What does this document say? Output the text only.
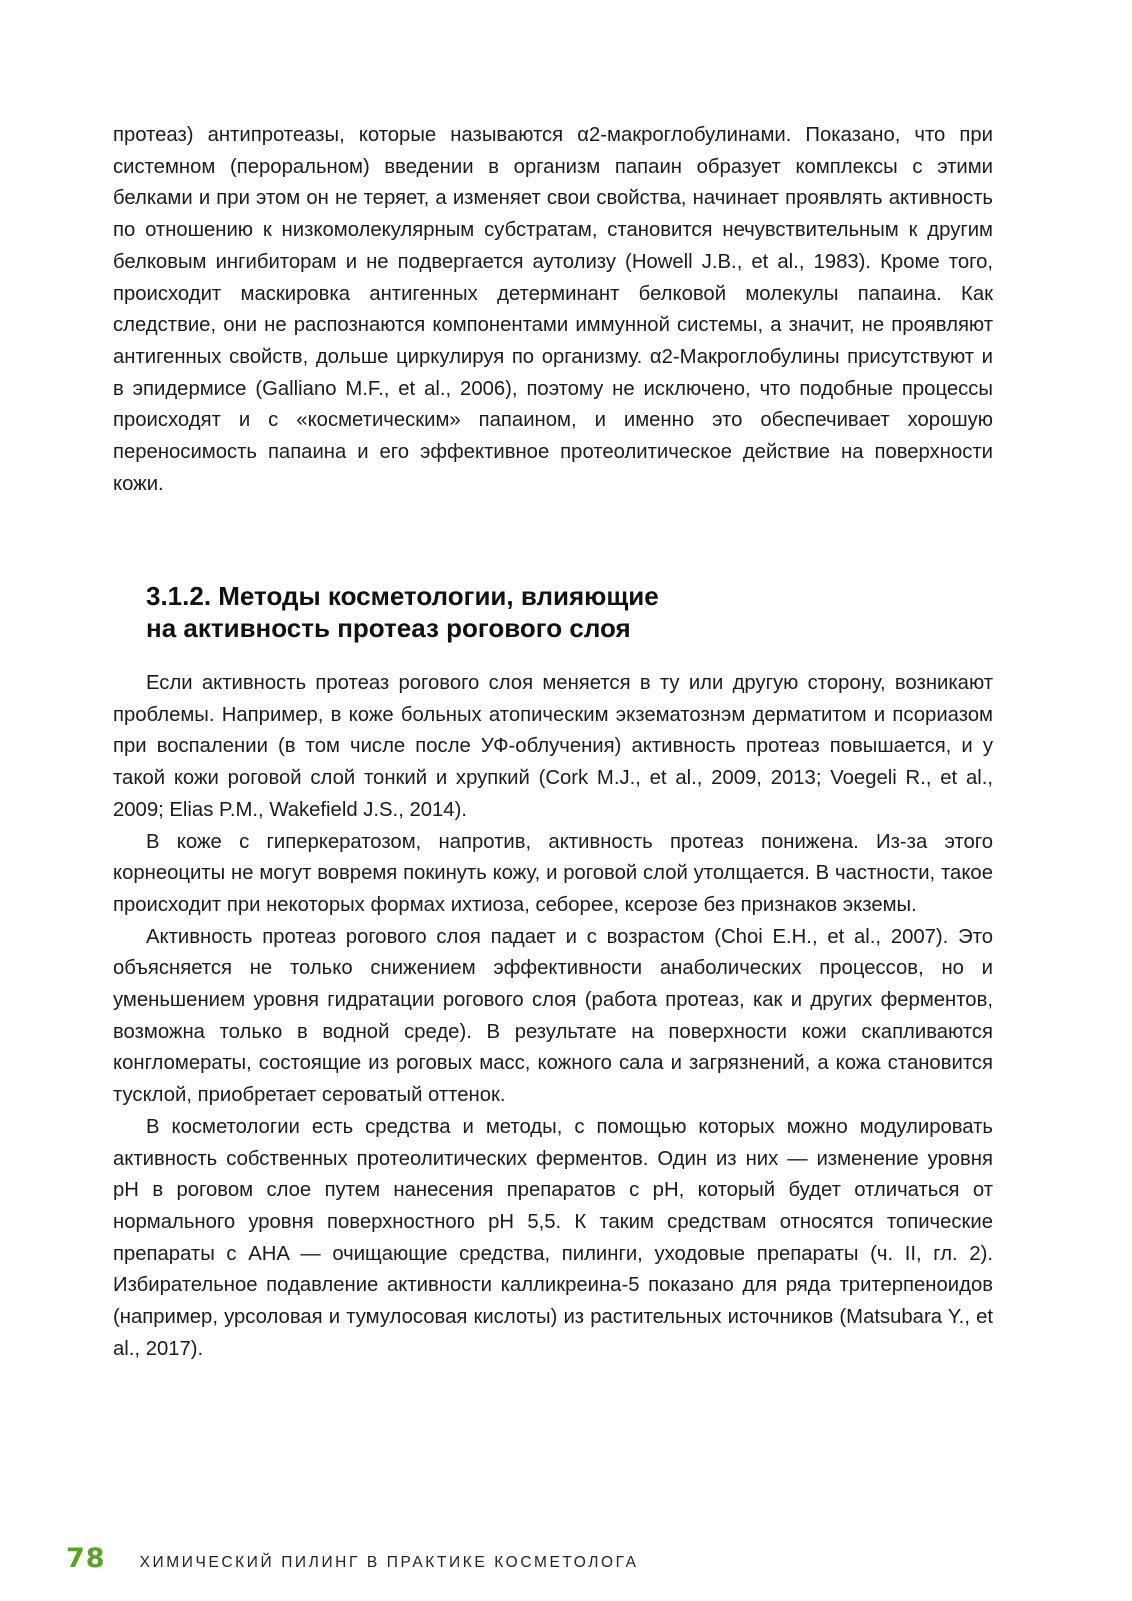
протеаз) антипротеазы, которые называются α2-макроглобулинами. Показано, что при системном (пероральном) введении в организм папаин образует комплексы с этими белками и при этом он не теряет, а изменяет свои свойства, начинает проявлять активность по отношению к низкомолекулярным субстратам, становится нечувствительным к другим белковым ингибиторам и не подвергается аутолизу (Howell J.B., et al., 1983). Кроме того, происходит маскировка антигенных детерминант белковой молекулы папаина. Как следствие, они не распознаются компонентами иммунной системы, а значит, не проявляют антигенных свойств, дольше циркулируя по организму. α2-Макроглобулины присутствуют и в эпидермисе (Galliano M.F., et al., 2006), поэтому не исключено, что подобные процессы происходят и с «косметическим» папаином, и именно это обеспечивает хорошую переносимость папаина и его эффективное протеолитическое действие на поверхности кожи.

3.1.2. Методы косметологии, влияющие
на активность протеаз рогового слоя

Если активность протеаз рогового слоя меняется в ту или другую сторону, возникают проблемы. Например, в коже больных атопическим экзематознэм дерматитом и псориазом при воспалении (в том числе после УФ-облучения) активность протеаз повышается, и у такой кожи роговой слой тонкий и хрупкий (Cork M.J., et al., 2009, 2013; Voegeli R., et al., 2009; Elias P.M., Wakefield J.S., 2014).

В коже с гиперкератозом, напротив, активность протеаз понижена. Из-за этого корнеоциты не могут вовремя покинуть кожу, и роговой слой утолщается. В частности, такое происходит при некоторых формах ихтиоза, себорее, ксерозе без признаков экземы.

Активность протеаз рогового слоя падает и с возрастом (Choi E.H., et al., 2007). Это объясняется не только снижением эффективности анаболических процессов, но и уменьшением уровня гидратации рогового слоя (работа протеаз, как и других ферментов, возможна только в водной среде). В результате на поверхности кожи скапливаются конгломераты, состоящие из роговых масс, кожного сала и загрязнений, а кожа становится тусклой, приобретает сероватый оттенок.

В косметологии есть средства и методы, с помощью которых можно модулировать активность собственных протеолитических ферментов. Один из них — изменение уровня pH в роговом слое путем нанесения препаратов с pH, который будет отличаться от нормального уровня поверхностного pH 5,5. К таким средствам относятся топические препараты с AHA — очищающие средства, пилинги, уходовые препараты (ч. II, гл. 2). Избирательное подавление активности калликреина-5 показано для ряда тритерпеноидов (например, урсоловая и тумулосовая кислоты) из растительных источников (Matsubara Y., et al., 2017).

78 ХИМИЧЕСКИЙ ПИЛИНГ В ПРАКТИКЕ КОСМЕТОЛОГА
